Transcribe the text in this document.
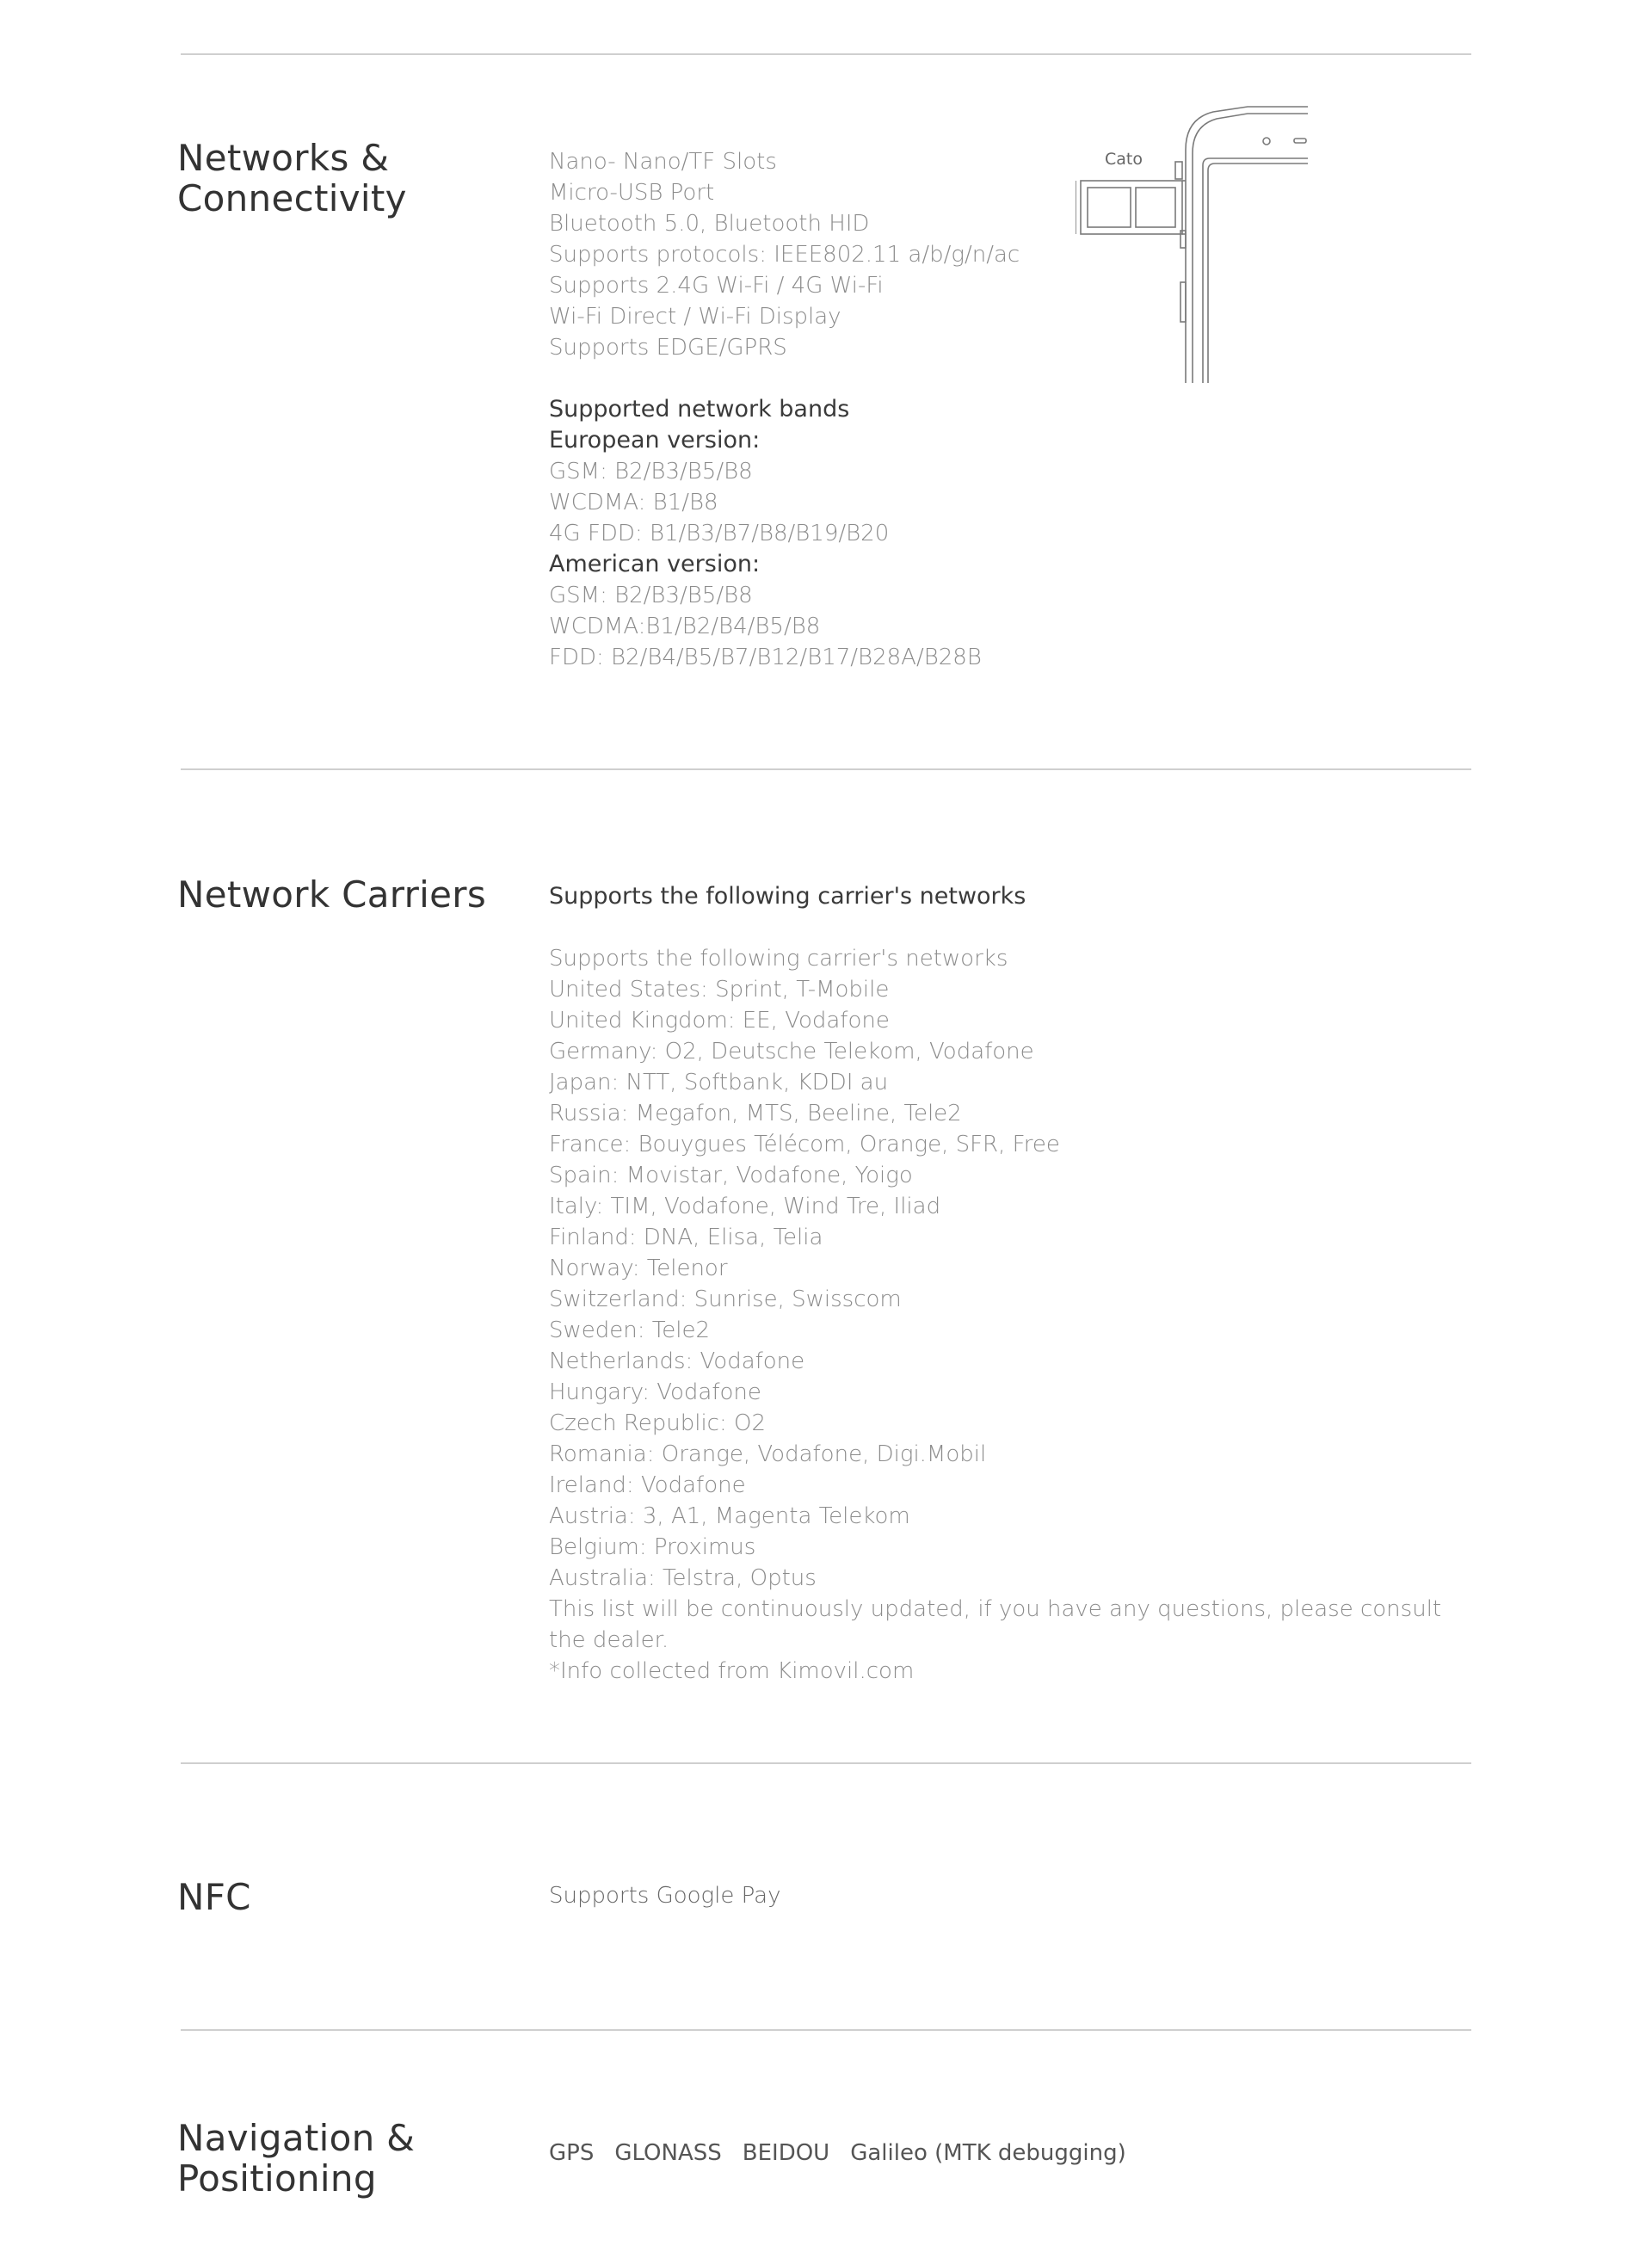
Networks &
Connectivity
Nano- Nano/TF Slots
Micro-USB Port
Bluetooth 5.0, Bluetooth HID
Supports protocols: IEEE802.11 a/b/g/n/ac
Supports 2.4G Wi-Fi / 4G Wi-Fi
Wi-Fi Direct / Wi-Fi Display
Supports EDGE/GPRS
Supported network bands
European version:
GSM: B2/B3/B5/B8
WCDMA: B1/B8
4G FDD: B1/B3/B7/B8/B19/B20
American version:
GSM: B2/B3/B5/B8
WCDMA:B1/B2/B4/B5/B8
FDD: B2/B4/B5/B7/B12/B17/B28A/B28B
Cato
Network Carriers	Supports the following carrier's networks
Supports the following carrier's networks
United States: Sprint, T-Mobile
United Kingdom: EE, Vodafone
Germany: O2, Deutsche Telekom, Vodafone
Japan: NTT, Softbank, KDDI au
Russia: Megafon, MTS, Beeline, Tele2
France: Bouygues Télécom, Orange, SFR, Free
Spain: Movistar, Vodafone, Yoigo
Italy: TIM, Vodafone, Wind Tre, Iliad
Finland: DNA, Elisa, Telia
Norway: Telenor
Switzerland: Sunrise, Swisscom
Sweden: Tele2
Netherlands: Vodafone
Hungary: Vodafone
Czech Republic: O2
Romania: Orange, Vodafone, Digi.Mobil
Ireland: Vodafone
Austria: 3, A1, Magenta Telekom
Belgium: Proximus
Australia: Telstra, Optus
This list will be continuously updated, if you have any questions, please consult the dealer.
*Info collected from Kimovil.com
NFC	Supports Google Pay
Navigation &
Positioning
GPS GLONASS BEIDOU Galileo (MTK debugging)
